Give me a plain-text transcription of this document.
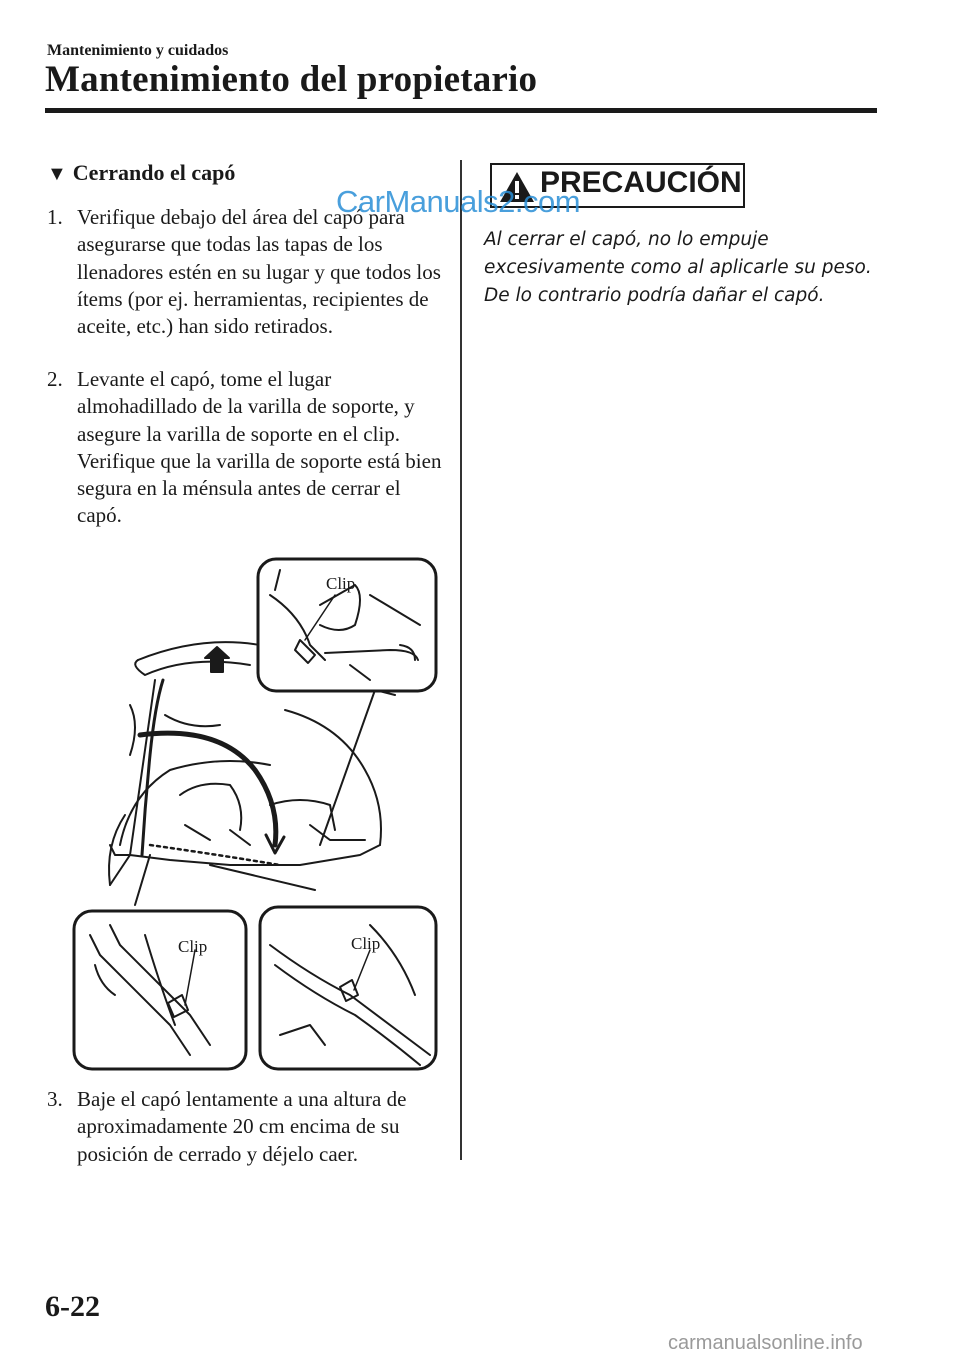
Mantenimiento y cuidados
Mantenimiento del propietario
▼ Cerrando el capó
1. Verifique debajo del área del capó para asegurarse que todas las tapas de los llenadores estén en su lugar y que todos los ítems (por ej. herramientas, recipientes de aceite, etc.) han sido retirados.
2. Levante el capó, tome el lugar almohadillado de la varilla de soporte, y asegure la varilla de soporte en el clip. Verifique que la varilla de soporte está bien segura en la ménsula antes de cerrar el capó.
Clip
Clip	Clip
3. Baje el capó lentamente a una altura de aproximadamente 20 cm encima de su posición de cerrado y déjelo caer.
PRECAUCIÓN
Al cerrar el capó, no lo empuje excesivamente como al aplicarle su peso. De lo contrario podría dañar el capó.
CarManuals2.com
6-22
carmanualsonline.info
